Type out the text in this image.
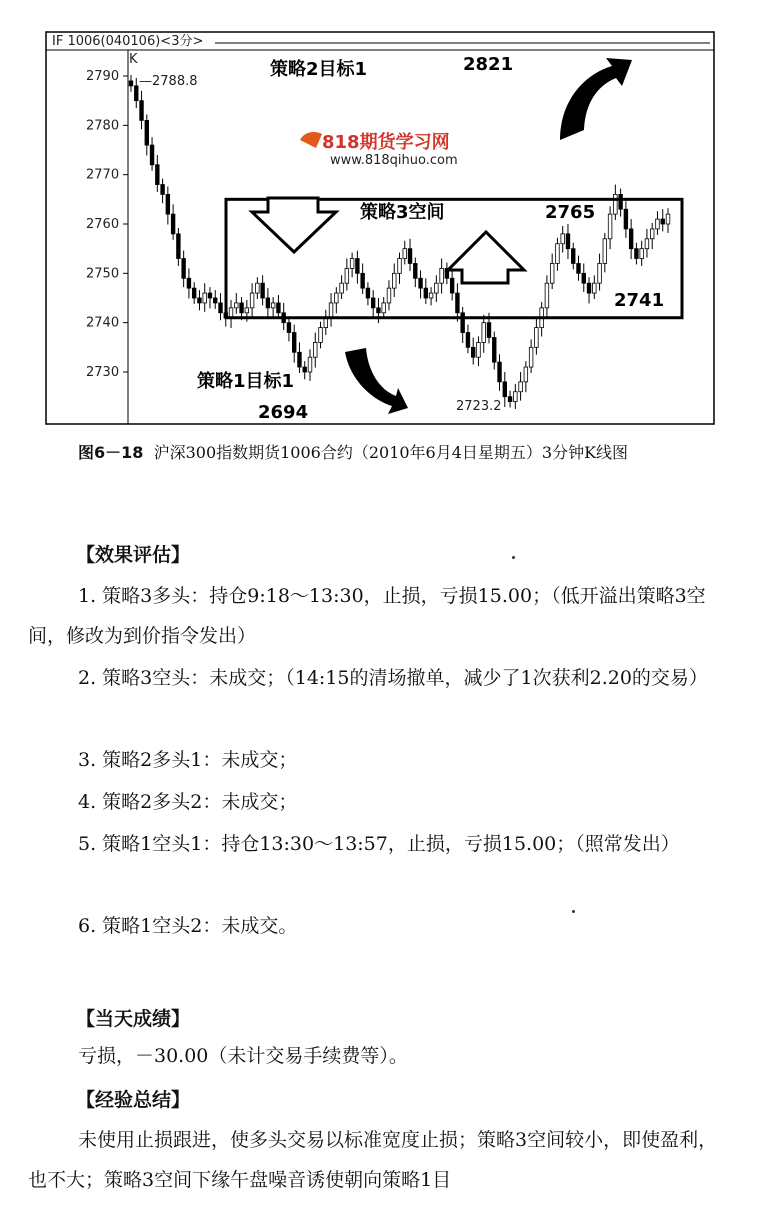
IF 1006(040106)<3分>
K
2790
2780
2770
2760
2750
2740
2730
818期货学习网
www.818qihuo.com
—2788.8
策略2目标1	2821
策略3空间	2765
2741
策略1目标1
2694	2723.2
图6－18 沪深300指数期货1006合约（2010年6月4日星期五）3分钟K线图
【效果评估】
1. 策略3多头：持仓9:18～13:30，止损，亏损15.00；（低开溢出策略3空间，修改为到价指令发出）
2. 策略3空头：未成交；（14:15的清场撤单，减少了1次获利2.20的交易）
3. 策略2多头1：未成交；
4. 策略2多头2：未成交；
5. 策略1空头1：持仓13:30～13:57，止损，亏损15.00；（照常发出）
6. 策略1空头2：未成交。
【当天成绩】
亏损，－30.00（未计交易手续费等）。
【经验总结】
未使用止损跟进，使多头交易以标准宽度止损；策略3空间较小，即使盈利，也不大；策略3空间下缘午盘噪音诱使朝向策略1目
